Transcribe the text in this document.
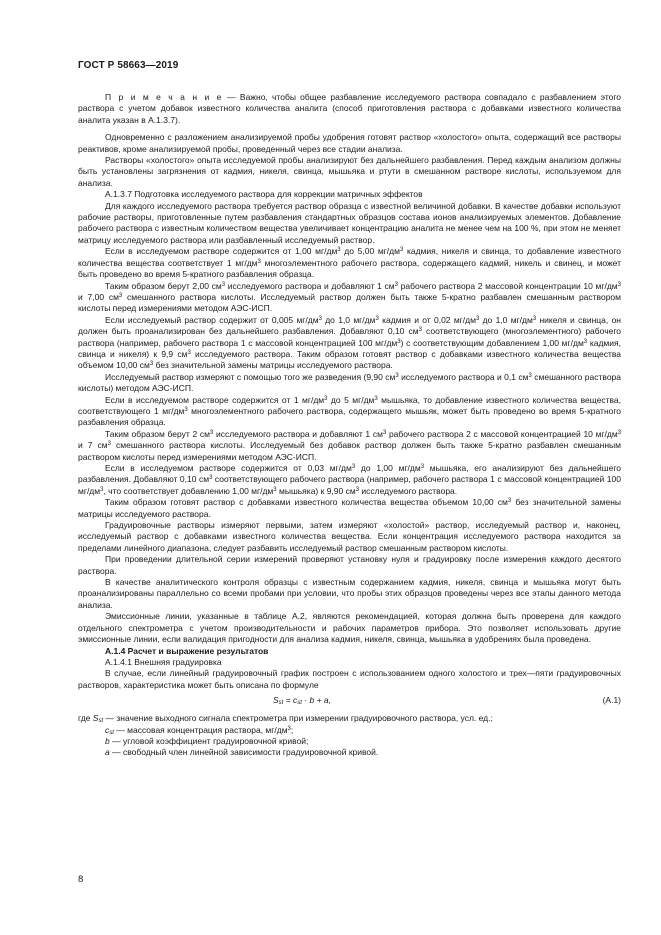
ГОСТ Р 58663—2019

П р и м е ч а н и е — Важно, чтобы общее разбавление исследуемого раствора совпадало с разбавлением этого раствора с учетом добавок известного количества аналита (способ приготовления раствора с добавками известного количества аналита указан в А.1.3.7).

Одновременно с разложением анализируемой пробы удобрения готовят раствор «холостого» опыта, содержащий все растворы реактивов, кроме анализируемой пробы, проведенный через все стадии анализа.

Растворы «холостого» опыта исследуемой пробы анализируют без дальнейшего разбавления. Перед каждым анализом должны быть установлены загрязнения от кадмия, никеля, свинца, мышьяка и ртути в смешанном растворе кислоты, используемом для анализа.

А.1.3.7 Подготовка исследуемого раствора для коррекции матричных эффектов

Для каждого исследуемого раствора требуется раствор образца с известной величиной добавки. В качестве добавки используют рабочие растворы, приготовленные путем разбавления стандартных образцов состава ионов анализируемых элементов. Добавление рабочего раствора с известным количеством вещества увеличивает концентрацию аналита не менее чем на 100 %, при этом не меняет матрицу исследуемого раствора или разбавленный исследуемый раствор.

Если в исследуемом растворе содержится от 1,00 $мг/дм^3$ до 5,00 $мг/дм^3$ кадмия, никеля и свинца, то добавление известного количества вещества соответствует 1 $мг/дм^3$ многоэлементного рабочего раствора, содержащего кадмий, никель и свинец, и может быть проведено во время 5-кратного разбавления образца.

Таким образом берут 2,00 $см^3$ исследуемого раствора и добавляют 1 $см^3$ рабочего раствора 2 массовой концентрации 10 $мг/дм^3$ и 7,00 $см^3$ смешанного раствора кислоты. Исследуемый раствор должен быть также 5-кратно разбавлен смешанным раствором кислоты перед измерениями методом АЭС-ИСП.

Если исследуемый раствор содержит от 0,005 $мг/дм^3$ до 1,0 $мг/дм^3$ кадмия и от 0,02 $мг/дм^3$ до 1,0 $мг/дм^3$ никеля и свинца, он должен быть проанализирован без дальнейшего разбавления. Добавляют 0,10 $см^3$ соответствующего (многоэлементного) рабочего раствора (например, рабочего раствора 1 с массовой концентрацией 100 $мг/дм^3$) с соответствующим добавлением 1,00 $мг/дм^3$ кадмия, свинца и никеля) к 9,9 $см^3$ исследуемого раствора. Таким образом готовят раствор с добавками известного количества вещества объемом 10,00 $см^3$ без значительной замены матрицы исследуемого раствора.

Исследуемый раствор измеряют с помощью того же разведения (9,90 $см^3$ исследуемого раствора и 0,1 $см^3$ смешанного раствора кислоты) методом АЭС-ИСП.

Если в исследуемом растворе содержится от 1 $мг/дм^3$ до 5 $мг/дм^3$ мышьяка, то добавление известного количества вещества, соответствующего 1 $мг/дм^3$ многоэлементного рабочего раствора, содержащего мышьяк, может быть проведено во время 5-кратного разбавления образца.

Таким образом берут 2 $см^3$ исследуемого раствора и добавляют 1 $см^3$ рабочего раствора 2 с массовой концентрацией 10 $мг/дм^3$ и 7 $см^3$ смешанного раствора кислоты. Исследуемый без добавок раствор должен быть также 5-кратно разбавлен смешанным раствором кислоты перед измерениями методом АЭС-ИСП.

Если в исследуемом растворе содержится от 0,03 $мг/дм^3$ до 1,00 $мг/дм^3$ мышьяка, его анализируют без дальнейшего разбавления. Добавляют 0,10 $см^3$ соответствующего рабочего раствора (например, рабочего раствора 1 с массовой концентрацией 100 $мг/дм^3$, что соответствует добавлению 1,00 $мг/дм^3$ мышьяка) к 9,90 $см^3$ исследуемого раствора.

Таким образом готовят раствор с добавками известного количества вещества объемом 10,00 $см^3$ без значительной замены матрицы исследуемого раствора.

Градуировочные растворы измеряют первыми, затем измеряют «холостой» раствор, исследуемый раствор и, наконец, исследуемый раствор с добавками известного количества вещества. Если концентрация исследуемого раствора находится за пределами линейного диапазона, следует разбавить исследуемый раствор смешанным раствором кислоты.

При проведении длительной серии измерений проверяют установку нуля и градуировку после измерения каждого десятого раствора.

В качестве аналитического контроля образцы с известным содержанием кадмия, никеля, свинца и мышьяка могут быть проанализированы параллельно со всеми пробами при условии, что пробы этих образцов проведены через все этапы данного метода анализа.

Эмиссионные линии, указанные в таблице А.2, являются рекомендацией, которая должна быть проверена для каждого отдельного спектрометра с учетом производительности и рабочих параметров прибора. Это позволяет использовать другие эмиссионные линии, если валидация пригодности для анализа кадмия, никеля, свинца, мышьяка в удобрениях была проведена.

А.1.4 Расчет и выражение результатов

А.1.4.1 Внешняя градуировка

В случае, если линейный градуировочный график построен с использованием одного холостого и трех—пяти градуировочных растворов, характеристика может быть описана по формуле

$S_{st} = c_{st} \cdot b + a$,	(А.1)

где $S_{st}$ — значение выходного сигнала спектрометра при измерении градуировочного раствора, усл. ед.;

$c_{st}$ — массовая концентрация раствора, $мг/дм^3$;

b — угловой коэффициент градуировочной кривой;

a — свободный член линейной зависимости градуировочной кривой.

8
